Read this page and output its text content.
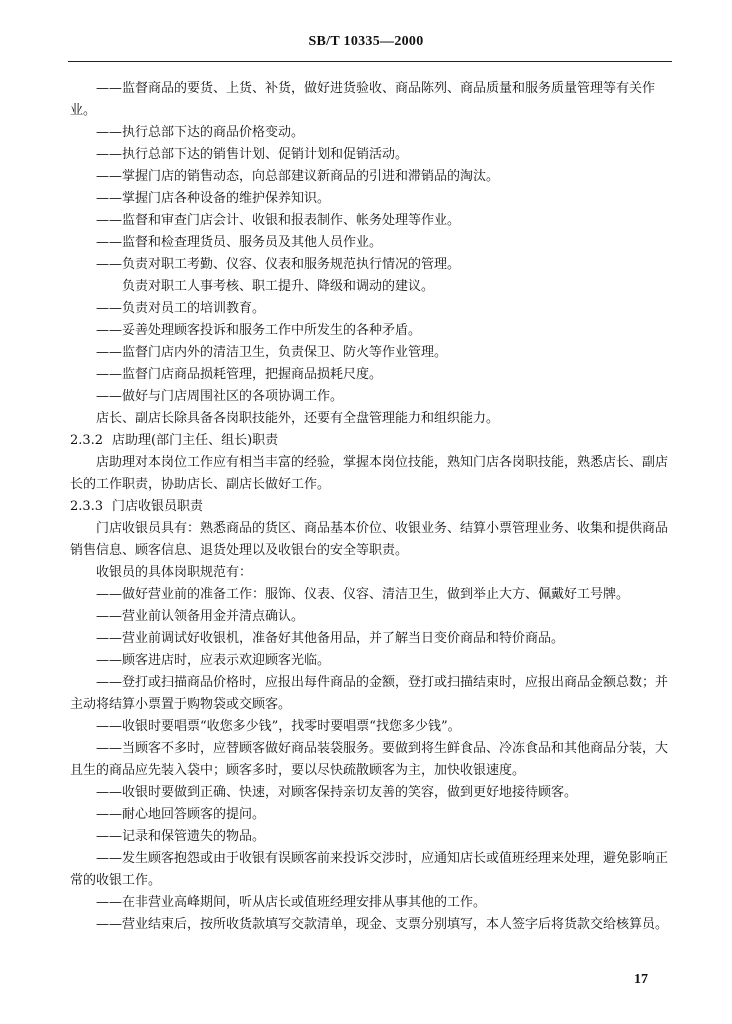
SB/T 10335—2000

——监督商品的要货、上货、补货，做好进货验收、商品陈列、商品质量和服务质量管理等有关作业。

——执行总部下达的商品价格变动。

——执行总部下达的销售计划、促销计划和促销活动。

——掌握门店的销售动态，向总部建议新商品的引进和滞销品的淘汰。

——掌握门店各种设备的维护保养知识。

——监督和审查门店会计、收银和报表制作、帐务处理等作业。

——监督和检查理货员、服务员及其他人员作业。

——负责对职工考勤、仪容、仪表和服务规范执行情况的管理。

负责对职工人事考核、职工提升、降级和调动的建议。

——负责对员工的培训教育。

——妥善处理顾客投诉和服务工作中所发生的各种矛盾。

——监督门店内外的清洁卫生，负责保卫、防火等作业管理。

——监督门店商品损耗管理，把握商品损耗尺度。

——做好与门店周围社区的各项协调工作。

店长、副店长除具备各岗职技能外，还要有全盘管理能力和组织能力。

2.3.2 店助理(部门主任、组长)职责

店助理对本岗位工作应有相当丰富的经验，掌握本岗位技能，熟知门店各岗职技能，熟悉店长、副店长的工作职责，协助店长、副店长做好工作。

2.3.3 门店收银员职责

门店收银员具有：熟悉商品的货区、商品基本价位、收银业务、结算小票管理业务、收集和提供商品销售信息、顾客信息、退货处理以及收银台的安全等职责。

收银员的具体岗职规范有：

——做好营业前的准备工作：服饰、仪表、仪容、清洁卫生，做到举止大方、佩戴好工号牌。

——营业前认领备用金并清点确认。

——营业前调试好收银机，准备好其他备用品，并了解当日变价商品和特价商品。

——顾客进店时，应表示欢迎顾客光临。

——登打或扫描商品价格时，应报出每件商品的金额，登打或扫描结束时，应报出商品金额总数；并主动将结算小票置于购物袋或交顾客。

——收银时要唱票“收您多少钱”，找零时要唱票“找您多少钱”。

——当顾客不多时，应替顾客做好商品装袋服务。要做到将生鲜食品、冷冻食品和其他商品分装，大且生的商品应先装入袋中；顾客多时，要以尽快疏散顾客为主，加快收银速度。

——收银时要做到正确、快速，对顾客保持亲切友善的笑容，做到更好地接待顾客。

——耐心地回答顾客的提问。

——记录和保管遗失的物品。

——发生顾客抱怨或由于收银有误顾客前来投诉交涉时，应通知店长或值班经理来处理，避免影响正常的收银工作。

——在非营业高峰期间，听从店长或值班经理安排从事其他的工作。

——营业结束后，按所收货款填写交款清单，现金、支票分别填写，本人签字后将货款交给核算员。

17
